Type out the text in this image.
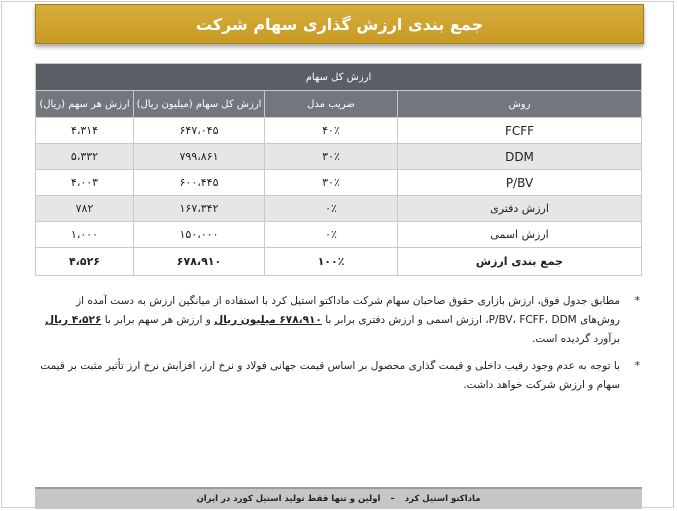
جمع بندی ارزش گذاری سهام شرکت
ارزش کل سهام			
روش	ضریب مدل	ارزش کل سهام (میلیون ریال)	ارزش هر سهم (ریال)
FCFF	۴۰٪	۶۴۷،۰۴۵	۴،۳۱۴
DDM	۳۰٪	۷۹۹،۸۶۱	۵،۳۳۲
P/BV	۳۰٪	۶۰۰،۴۴۵	۴،۰۰۳
ارزش دفتری	۰٪	۱۶۷،۳۴۲	۷۸۲
ارزش اسمی	۰٪	۱۵۰،۰۰۰	۱،۰۰۰
جمع بندی ارزش	۱۰۰٪	۶۷۸،۹۱۰	۴،۵۲۶
*
مطابق جدول فوق، ارزش بازاری حقوق صاحبان سهام شرکت ماداکتو استیل کرد با استفاده از میانگین ارزش به دست آمده از روش‌های P/BV، FCFF، DDM، ارزش اسمی و ارزش دفتری برابر با ۶۷۸،۹۱۰ میلیون ریال و ارزش هر سهم برابر با ۴،۵۲۶ ریال برآورد گردیده است.
*
با توجه به عدم وجود رقیب داخلی و قیمت گذاری محصول بر اساس قیمت جهانی فولاد و نرخ ارز، افزایش نرخ ارز تأثیر مثبت بر قیمت سهام و ارزش شرکت خواهد داشت.
ماداکتو استیل کرد
–
اولین و تنها فقط تولید استیل کورد در ایران
